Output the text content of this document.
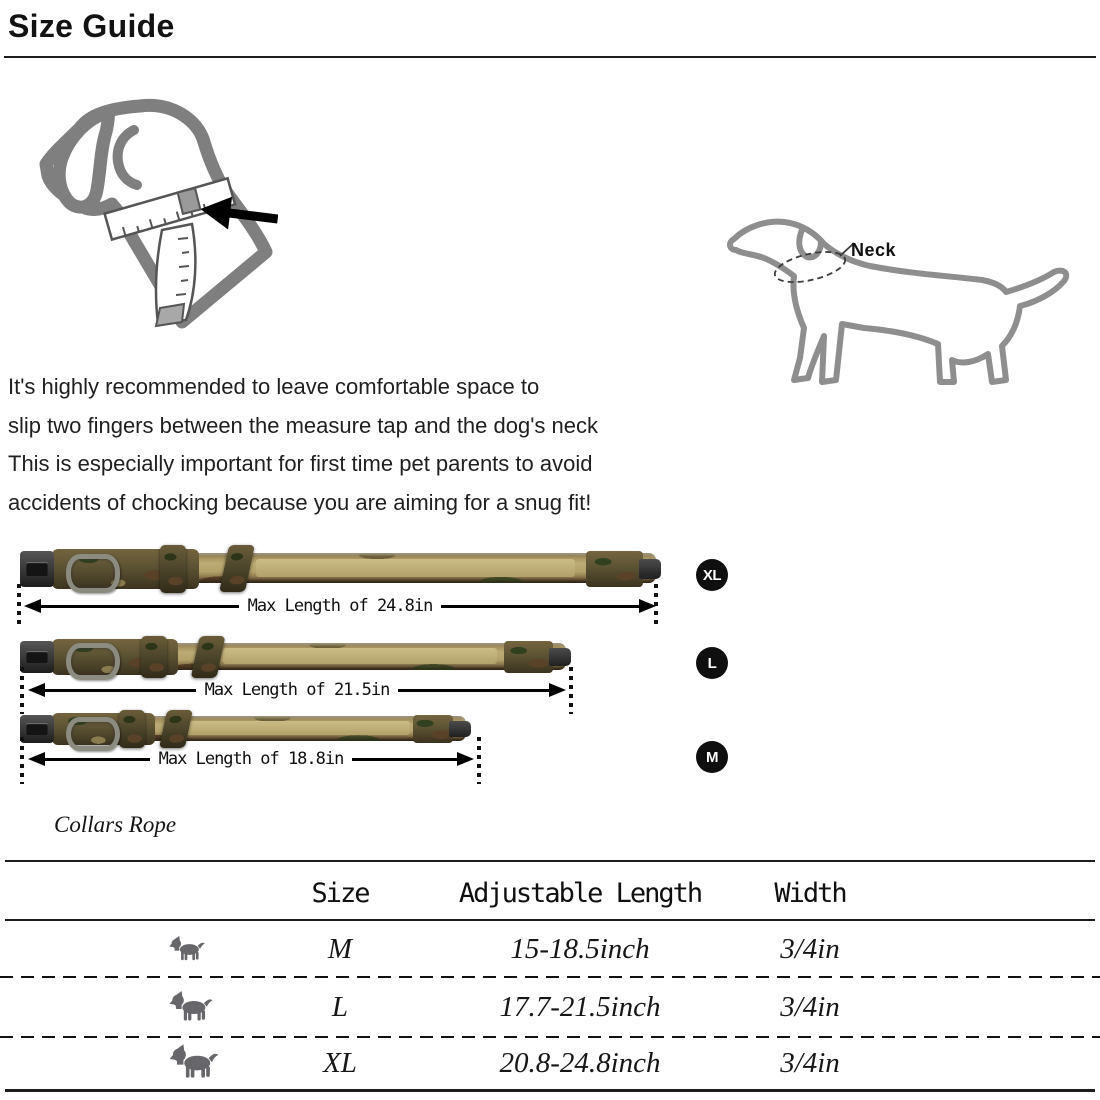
Size Guide
Neck
It's highly recommended to leave comfortable space to
slip two fingers between the measure tap and the dog's neck
This is especially important for first time pet parents to avoid
accidents of chocking because you are aiming for a snug fit!
Max Length of 24.8in
XL
Max Length of 21.5in
L
Max Length of 18.8in	M
Collars Rope
Size	Adjustable Length	Width
M	15-18.5inch	3/4in
L	17.7-21.5inch	3/4in
XL	20.8-24.8inch	3/4in
